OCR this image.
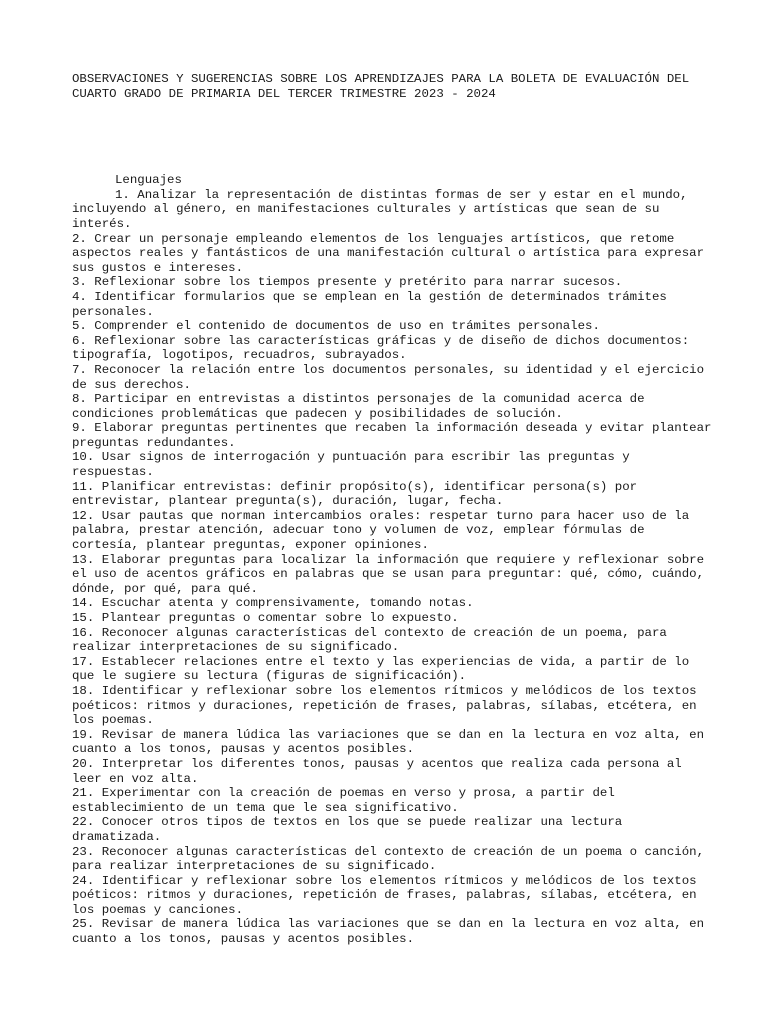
OBSERVACIONES Y SUGERENCIAS SOBRE LOS APRENDIZAJES PARA LA BOLETA DE EVALUACIÓN DEL CUARTO GRADO DE PRIMARIA DEL TERCER TRIMESTRE 2023 - 2024
Lenguajes
1. Analizar la representación de distintas formas de ser y estar en el mundo, incluyendo al género, en manifestaciones culturales y artísticas que sean de su interés.
2. Crear un personaje empleando elementos de los lenguajes artísticos, que retome aspectos reales y fantásticos de una manifestación cultural o artística para expresar sus gustos e intereses.
3. Reflexionar sobre los tiempos presente y pretérito para narrar sucesos.
4. Identificar formularios que se emplean en la gestión de determinados trámites personales.
5. Comprender el contenido de documentos de uso en trámites personales.
6. Reflexionar sobre las características gráficas y de diseño de dichos documentos: tipografía, logotipos, recuadros, subrayados.
7. Reconocer la relación entre los documentos personales, su identidad y el ejercicio de sus derechos.
8. Participar en entrevistas a distintos personajes de la comunidad acerca de condiciones problemáticas que padecen y posibilidades de solución.
9. Elaborar preguntas pertinentes que recaben la información deseada y evitar plantear preguntas redundantes.
10. Usar signos de interrogación y puntuación para escribir las preguntas y respuestas.
11. Planificar entrevistas: definir propósito(s), identificar persona(s) por entrevistar, plantear pregunta(s), duración, lugar, fecha.
12. Usar pautas que norman intercambios orales: respetar turno para hacer uso de la palabra, prestar atención, adecuar tono y volumen de voz, emplear fórmulas de cortesía, plantear preguntas, exponer opiniones.
13. Elaborar preguntas para localizar la información que requiere y reflexionar sobre el uso de acentos gráficos en palabras que se usan para preguntar: qué, cómo, cuándo, dónde, por qué, para qué.
14. Escuchar atenta y comprensivamente, tomando notas.
15. Plantear preguntas o comentar sobre lo expuesto.
16. Reconocer algunas características del contexto de creación de un poema, para realizar interpretaciones de su significado.
17. Establecer relaciones entre el texto y las experiencias de vida, a partir de lo que le sugiere su lectura (figuras de significación).
18. Identificar y reflexionar sobre los elementos rítmicos y melódicos de los textos poéticos: ritmos y duraciones, repetición de frases, palabras, sílabas, etcétera, en los poemas.
19. Revisar de manera lúdica las variaciones que se dan en la lectura en voz alta, en cuanto a los tonos, pausas y acentos posibles.
20. Interpretar los diferentes tonos, pausas y acentos que realiza cada persona al leer en voz alta.
21. Experimentar con la creación de poemas en verso y prosa, a partir del establecimiento de un tema que le sea significativo.
22. Conocer otros tipos de textos en los que se puede realizar una lectura dramatizada.
23. Reconocer algunas características del contexto de creación de un poema o canción, para realizar interpretaciones de su significado.
24. Identificar y reflexionar sobre los elementos rítmicos y melódicos de los textos poéticos: ritmos y duraciones, repetición de frases, palabras, sílabas, etcétera, en los poemas y canciones.
25. Revisar de manera lúdica las variaciones que se dan en la lectura en voz alta, en cuanto a los tonos, pausas y acentos posibles.
